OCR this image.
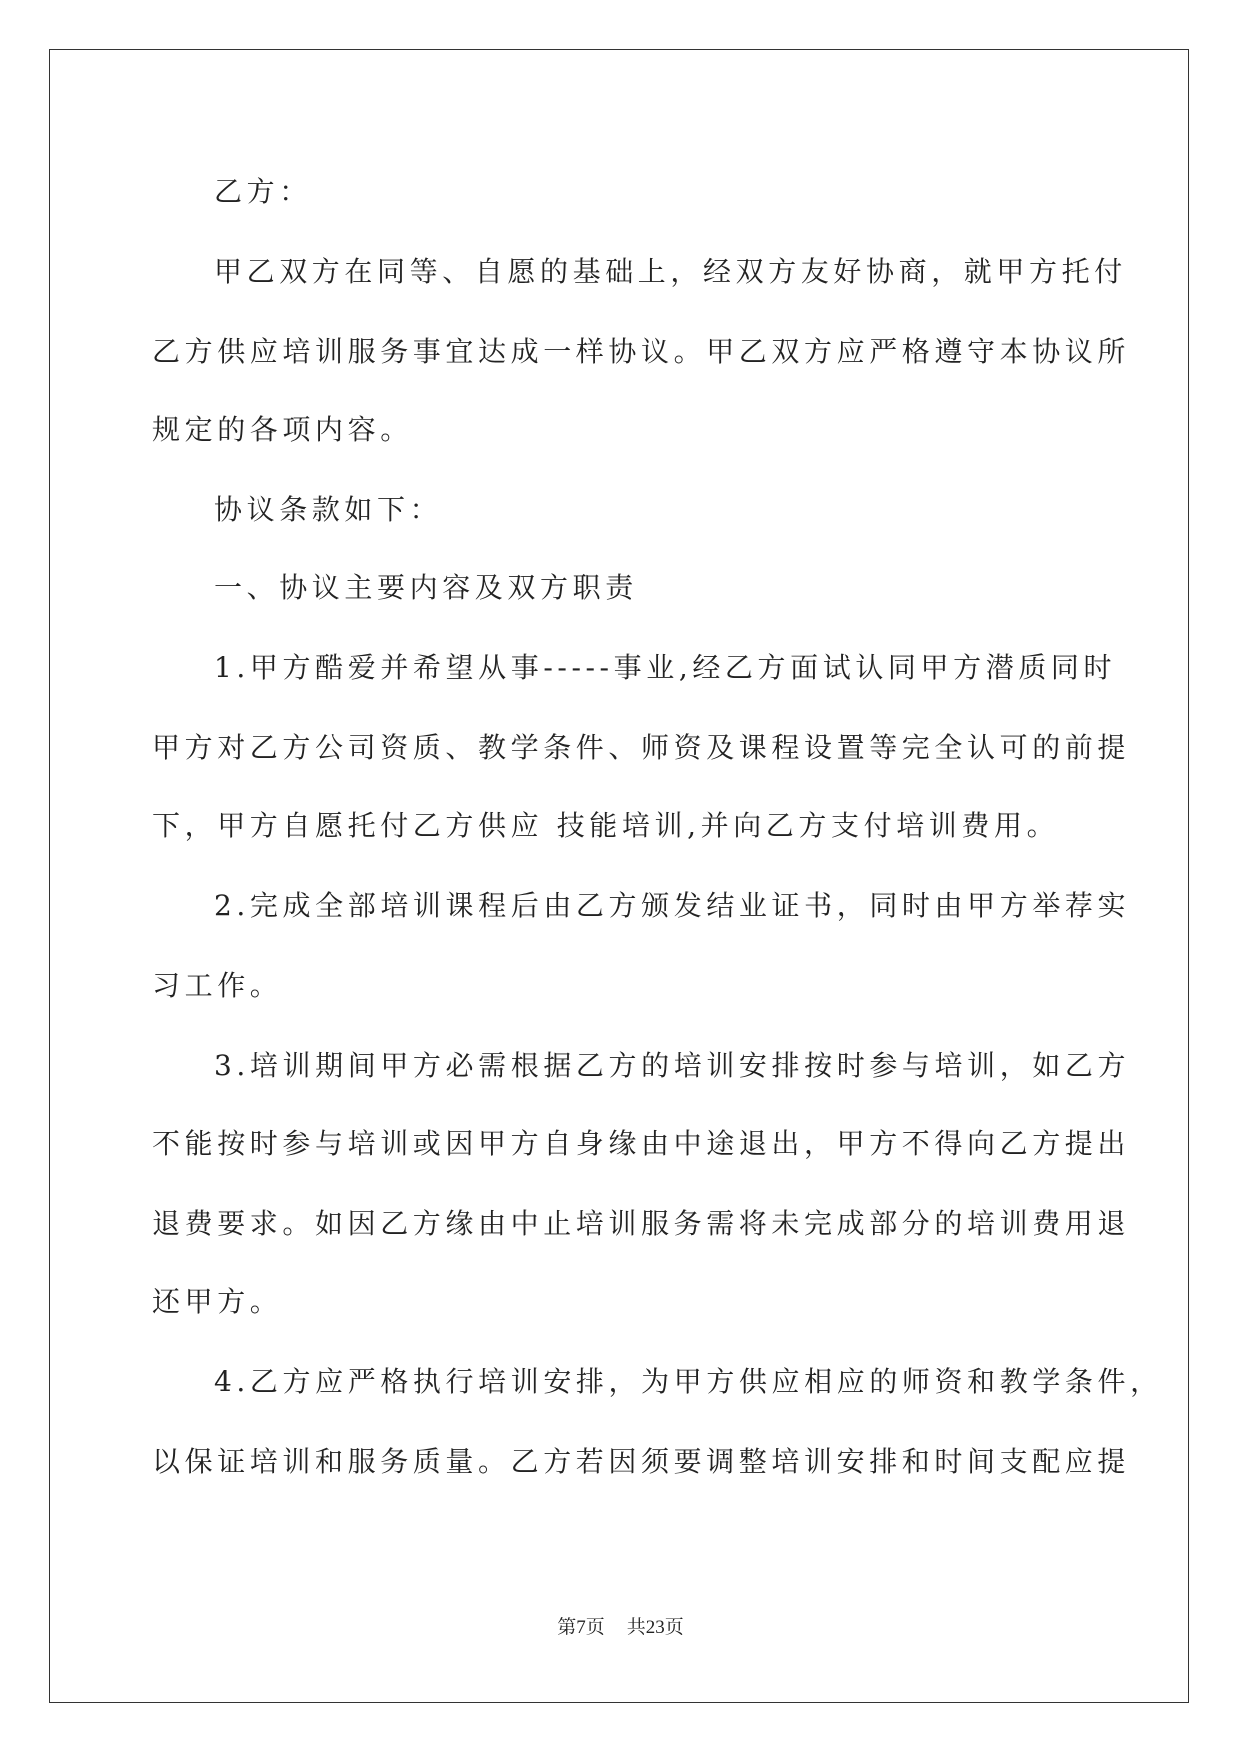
乙方：
甲乙双方在同等、自愿的基础上，经双方友好协商，就甲方托付
乙方供应培训服务事宜达成一样协议。甲乙双方应严格遵守本协议所
规定的各项内容。
协议条款如下：
一、协议主要内容及双方职责
1.甲方酷爱并希望从事-----事业,经乙方面试认同甲方潜质同时
甲方对乙方公司资质、教学条件、师资及课程设置等完全认可的前提
下，甲方自愿托付乙方供应 技能培训,并向乙方支付培训费用。
2.完成全部培训课程后由乙方颁发结业证书，同时由甲方举荐实
习工作。
3.培训期间甲方必需根据乙方的培训安排按时参与培训，如乙方
不能按时参与培训或因甲方自身缘由中途退出，甲方不得向乙方提出
退费要求。如因乙方缘由中止培训服务需将未完成部分的培训费用退
还甲方。
4.乙方应严格执行培训安排，为甲方供应相应的师资和教学条件，
以保证培训和服务质量。乙方若因须要调整培训安排和时间支配应提
第7页 共23页
